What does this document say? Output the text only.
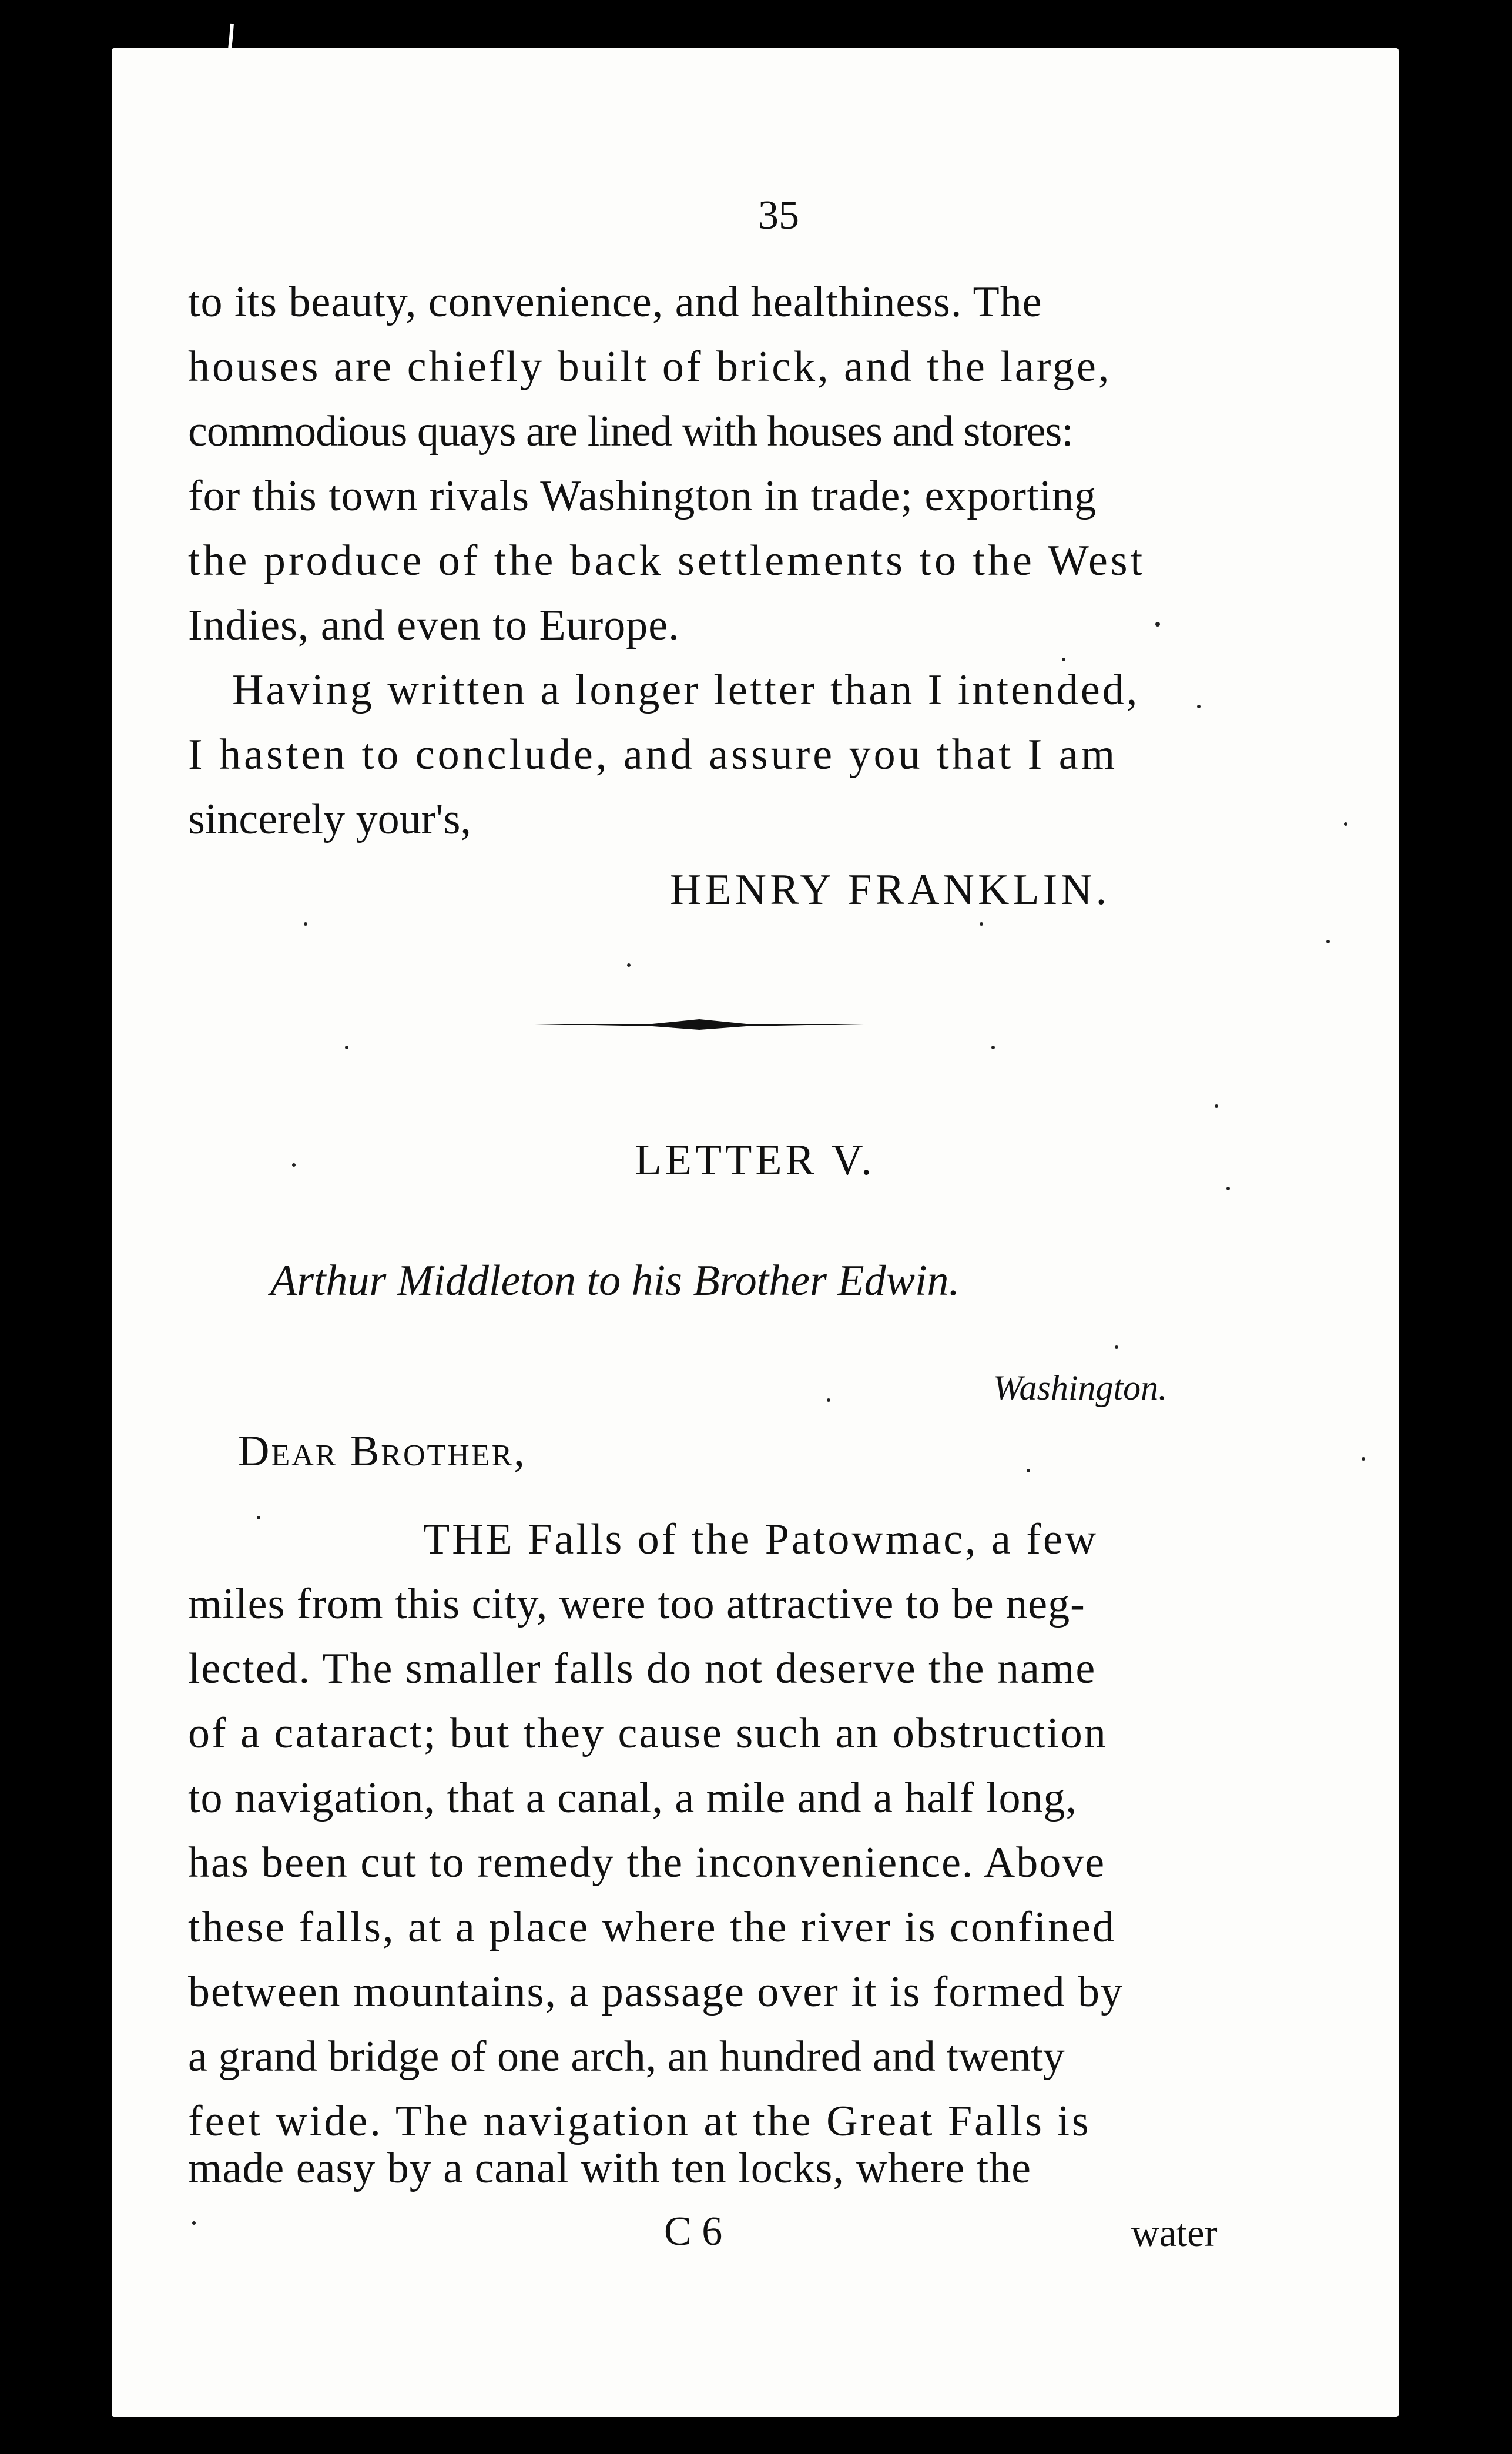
35
to its beauty, convenience, and healthiness. The
houses are chiefly built of brick, and the large,
commodious quays are lined with houses and stores:
for this town rivals Washington in trade; exporting
the produce of the back settlements to the West
Indies, and even to Europe.
Having written a longer letter than I intended,
I hasten to conclude, and assure you that I am
sincerely your's,
HENRY FRANKLIN.
LETTER V.
Arthur Middleton to his Brother Edwin.
Washington.
Dear Brother,
THE Falls of the Patowmac, a few
miles from this city, were too attractive to be neg-
lected. The smaller falls do not deserve the name
of a cataract; but they cause such an obstruction
to navigation, that a canal, a mile and a half long,
has been cut to remedy the inconvenience. Above
these falls, at a place where the river is confined
between mountains, a passage over it is formed by
a grand bridge of one arch, an hundred and twenty
feet wide. The navigation at the Great Falls is
made easy by a canal with ten locks, where the
C 6	water
